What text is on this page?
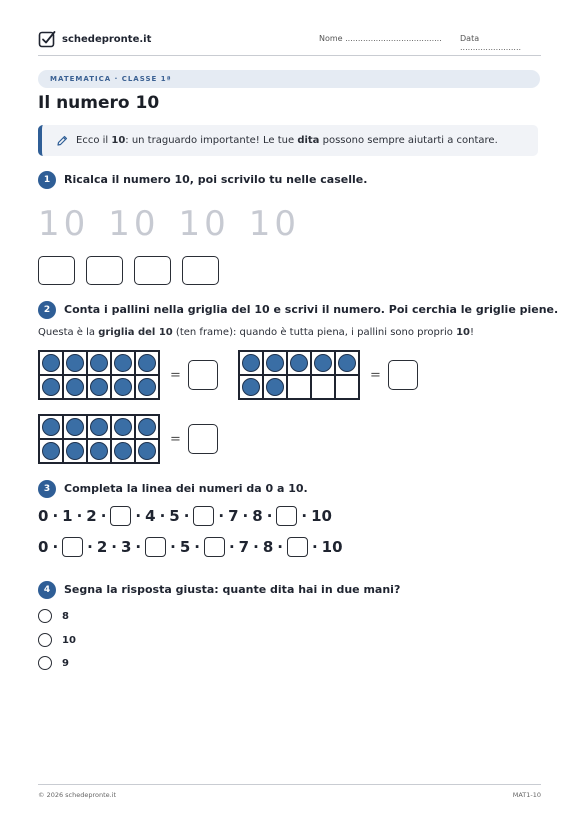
schedepronte.it	Nome ...................................... Data ........................
MATEMATICA · CLASSE 1ª
Il numero 10
Ecco il 10: un traguardo importante! Le tue dita possono sempre aiutarti a contare.
1	Ricalca il numero 10, poi scrivilo tu nelle caselle.
10 10 10 10
2	Conta i pallini nella griglia del 10 e scrivi il numero. Poi cerchia le griglie piene.
Questa è la griglia del 10 (ten frame): quando è tutta piena, i pallini sono proprio 10!
=	=
=
3	Completa la linea dei numeri da 0 a 10.
0 · 1 · 2 · · 4 · 5 · · 7 · 8 · · 10
0 · · 2 · 3 · · 5 · · 7 · 8 · · 10
4	Segna la risposta giusta: quante dita hai in due mani?
8
10
9
© 2026 schedepronte.it	MAT1-10
